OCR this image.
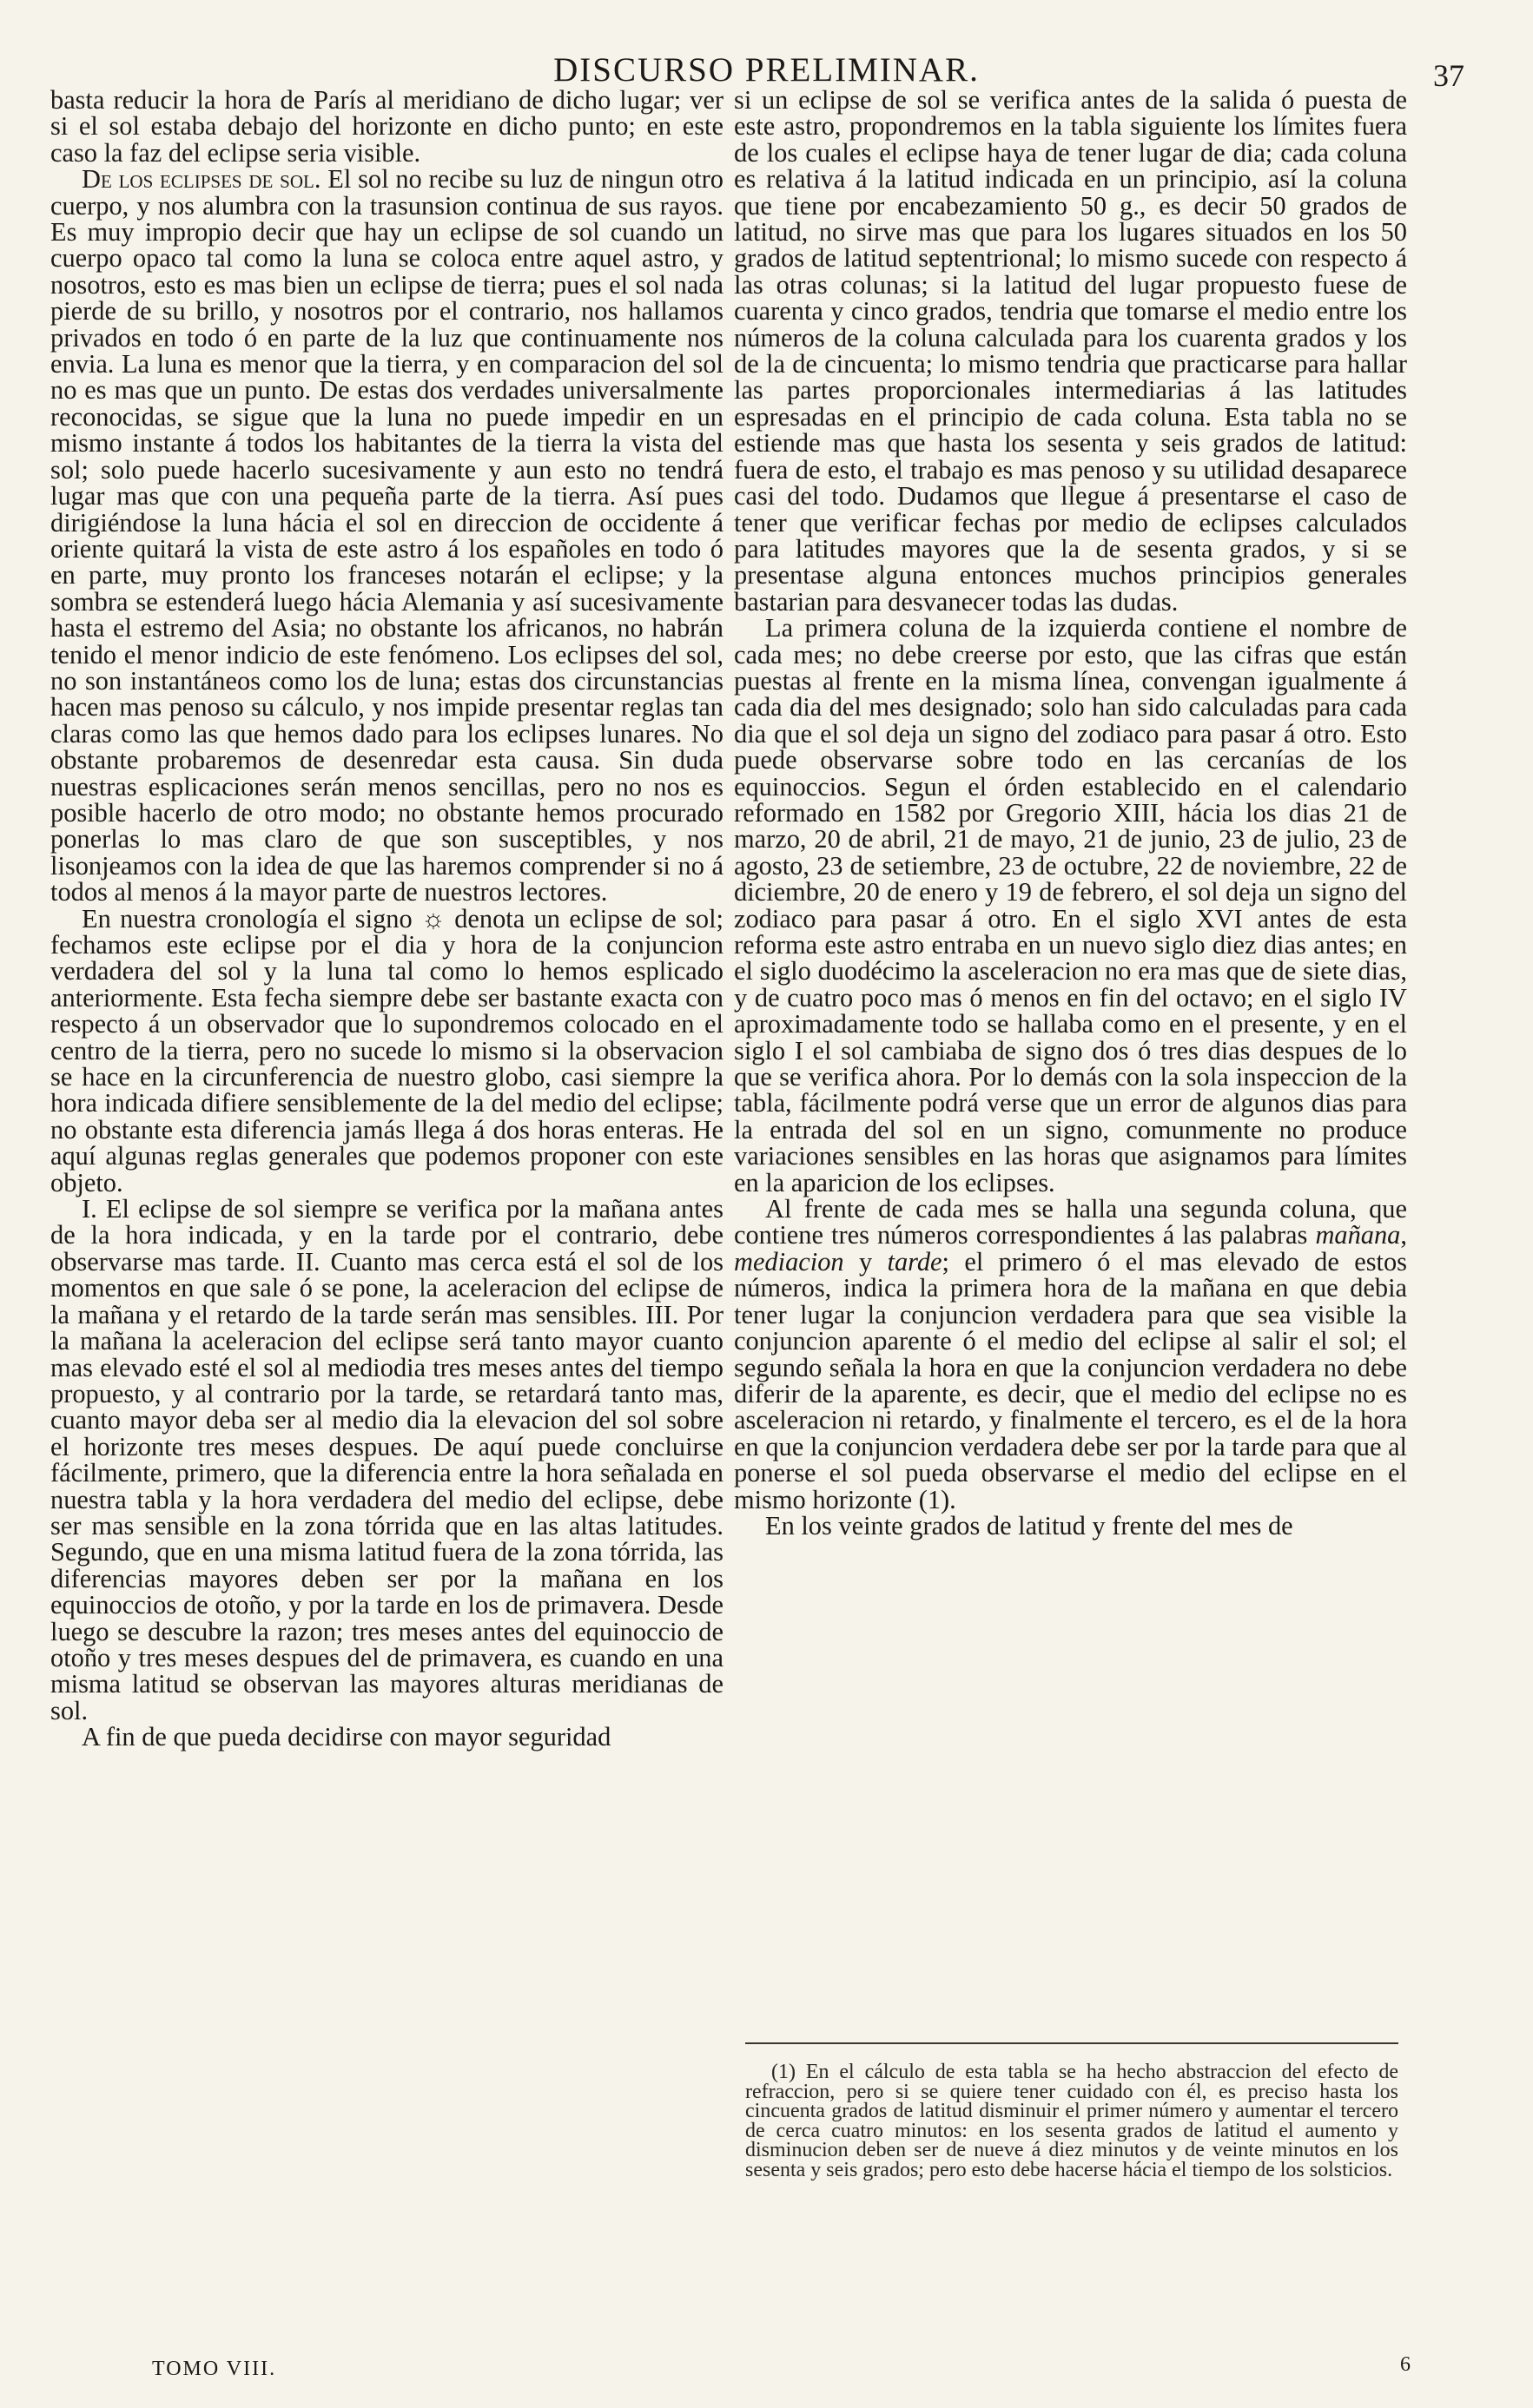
DISCURSO PRELIMINAR.	37

basta reducir la hora de París al meridiano de dicho lugar; ver si el sol estaba debajo del horizonte en dicho punto; en este caso la faz del eclipse seria visible.

De los eclipses de sol. El sol no recibe su luz de ningun otro cuerpo, y nos alumbra con la trasunsion continua de sus rayos. Es muy impropio decir que hay un eclipse de sol cuando un cuerpo opaco tal como la luna se coloca entre aquel astro, y nosotros, esto es mas bien un eclipse de tierra; pues el sol nada pierde de su brillo, y nosotros por el contrario, nos hallamos privados en todo ó en parte de la luz que continuamente nos envia. La luna es menor que la tierra, y en comparacion del sol no es mas que un punto. De estas dos verdades universalmente reconocidas, se sigue que la luna no puede impedir en un mismo instante á todos los habitantes de la tierra la vista del sol; solo puede hacerlo sucesivamente y aun esto no tendrá lugar mas que con una pequeña parte de la tierra. Así pues dirigiéndose la luna hácia el sol en direccion de occidente á oriente quitará la vista de este astro á los españoles en todo ó en parte, muy pronto los franceses notarán el eclipse; y la sombra se estenderá luego hácia Alemania y así sucesivamente hasta el estremo del Asia; no obstante los africanos, no habrán tenido el menor indicio de este fenómeno. Los eclipses del sol, no son instantáneos como los de luna; estas dos circunstancias hacen mas penoso su cálculo, y nos impide presentar reglas tan claras como las que hemos dado para los eclipses lunares. No obstante probaremos de desenredar esta causa. Sin duda nuestras esplicaciones serán menos sencillas, pero no nos es posible hacerlo de otro modo; no obstante hemos procurado ponerlas lo mas claro de que son susceptibles, y nos lisonjeamos con la idea de que las haremos comprender si no á todos al menos á la mayor parte de nuestros lectores.

En nuestra cronología el signo ☼ denota un eclipse de sol; fechamos este eclipse por el dia y hora de la conjuncion verdadera del sol y la luna tal como lo hemos esplicado anteriormente. Esta fecha siempre debe ser bastante exacta con respecto á un observador que lo supondremos colocado en el centro de la tierra, pero no sucede lo mismo si la observacion se hace en la circunferencia de nuestro globo, casi siempre la hora indicada difiere sensiblemente de la del medio del eclipse; no obstante esta diferencia jamás llega á dos horas enteras. He aquí algunas reglas generales que podemos proponer con este objeto.

I. El eclipse de sol siempre se verifica por la mañana antes de la hora indicada, y en la tarde por el contrario, debe observarse mas tarde. II. Cuanto mas cerca está el sol de los momentos en que sale ó se pone, la aceleracion del eclipse de la mañana y el retardo de la tarde serán mas sensibles. III. Por la mañana la aceleracion del eclipse será tanto mayor cuanto mas elevado esté el sol al mediodia tres meses antes del tiempo propuesto, y al contrario por la tarde, se retardará tanto mas, cuanto mayor deba ser al medio dia la elevacion del sol sobre el horizonte tres meses despues. De aquí puede concluirse fácilmente, primero, que la diferencia entre la hora señalada en nuestra tabla y la hora verdadera del medio del eclipse, debe ser mas sensible en la zona tórrida que en las altas latitudes. Segundo, que en una misma latitud fuera de la zona tórrida, las diferencias mayores deben ser por la mañana en los equinoccios de otoño, y por la tarde en los de primavera. Desde luego se descubre la razon; tres meses antes del equinoccio de otoño y tres meses despues del de primavera, es cuando en una misma latitud se observan las mayores alturas meridianas de sol.

A fin de que pueda decidirse con mayor seguridad

si un eclipse de sol se verifica antes de la salida ó puesta de este astro, propondremos en la tabla siguiente los límites fuera de los cuales el eclipse haya de tener lugar de dia; cada coluna es relativa á la latitud indicada en un principio, así la coluna que tiene por encabezamiento 50 g., es decir 50 grados de latitud, no sirve mas que para los lugares situados en los 50 grados de latitud septentrional; lo mismo sucede con respecto á las otras colunas; si la latitud del lugar propuesto fuese de cuarenta y cinco grados, tendria que tomarse el medio entre los números de la coluna calculada para los cuarenta grados y los de la de cincuenta; lo mismo tendria que practicarse para hallar las partes proporcionales intermediarias á las latitudes espresadas en el principio de cada coluna. Esta tabla no se estiende mas que hasta los sesenta y seis grados de latitud: fuera de esto, el trabajo es mas penoso y su utilidad desaparece casi del todo. Dudamos que llegue á presentarse el caso de tener que verificar fechas por medio de eclipses calculados para latitudes mayores que la de sesenta grados, y si se presentase alguna entonces muchos principios generales bastarian para desvanecer todas las dudas.

La primera coluna de la izquierda contiene el nombre de cada mes; no debe creerse por esto, que las cifras que están puestas al frente en la misma línea, convengan igualmente á cada dia del mes designado; solo han sido calculadas para cada dia que el sol deja un signo del zodiaco para pasar á otro. Esto puede observarse sobre todo en las cercanías de los equinoccios. Segun el órden establecido en el calendario reformado en 1582 por Gregorio XIII, hácia los dias 21 de marzo, 20 de abril, 21 de mayo, 21 de junio, 23 de julio, 23 de agosto, 23 de setiembre, 23 de octubre, 22 de noviembre, 22 de diciembre, 20 de enero y 19 de febrero, el sol deja un signo del zodiaco para pasar á otro. En el siglo XVI antes de esta reforma este astro entraba en un nuevo siglo diez dias antes; en el siglo duodécimo la asceleracion no era mas que de siete dias, y de cuatro poco mas ó menos en fin del octavo; en el siglo IV aproximadamente todo se hallaba como en el presente, y en el siglo I el sol cambiaba de signo dos ó tres dias despues de lo que se verifica ahora. Por lo demás con la sola inspeccion de la tabla, fácilmente podrá verse que un error de algunos dias para la entrada del sol en un signo, comunmente no produce variaciones sensibles en las horas que asignamos para límites en la aparicion de los eclipses.

Al frente de cada mes se halla una segunda coluna, que contiene tres números correspondientes á las palabras mañana, mediacion y tarde; el primero ó el mas elevado de estos números, indica la primera hora de la mañana en que debia tener lugar la conjuncion verdadera para que sea visible la conjuncion aparente ó el medio del eclipse al salir el sol; el segundo señala la hora en que la conjuncion verdadera no debe diferir de la aparente, es decir, que el medio del eclipse no es asceleracion ni retardo, y finalmente el tercero, es el de la hora en que la conjuncion verdadera debe ser por la tarde para que al ponerse el sol pueda observarse el medio del eclipse en el mismo horizonte (1).

En los veinte grados de latitud y frente del mes de

(1) En el cálculo de esta tabla se ha hecho abstraccion del efecto de refraccion, pero si se quiere tener cuidado con él, es preciso hasta los cincuenta grados de latitud disminuir el primer número y aumentar el tercero de cerca cuatro minutos: en los sesenta grados de latitud el aumento y disminucion deben ser de nueve á diez minutos y de veinte minutos en los sesenta y seis grados; pero esto debe hacerse hácia el tiempo de los solsticios.
TOMO VIII.	6
